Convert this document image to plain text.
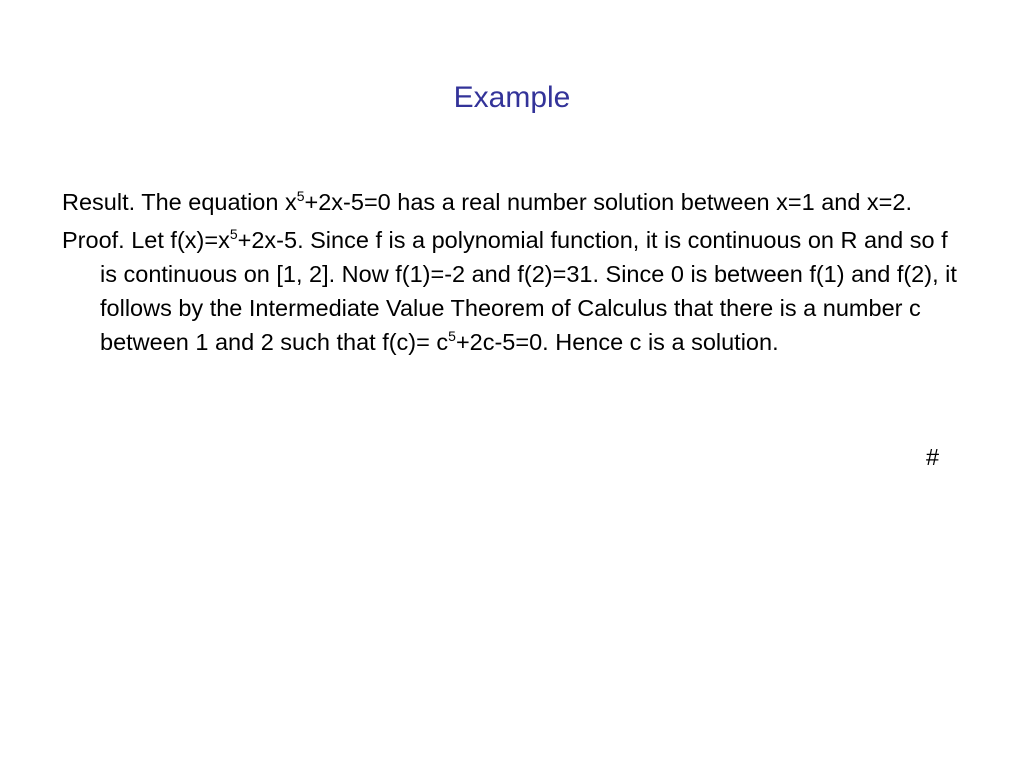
Example

Result. The equation $x^5+2x-5=0$ has a real number solution between x=1 and x=2.

Proof. Let $f(x)=x^5+2x-5$. Since f is a polynomial function, it is continuous on R and so f is continuous on [1, 2]. Now f(1)=-2 and f(2)=31. Since 0 is between f(1) and f(2), it follows by the Intermediate Value Theorem of Calculus that there is a number c between 1 and 2 such that $f(c)= c^5+2c-5=0$. Hence c is a solution.

#
